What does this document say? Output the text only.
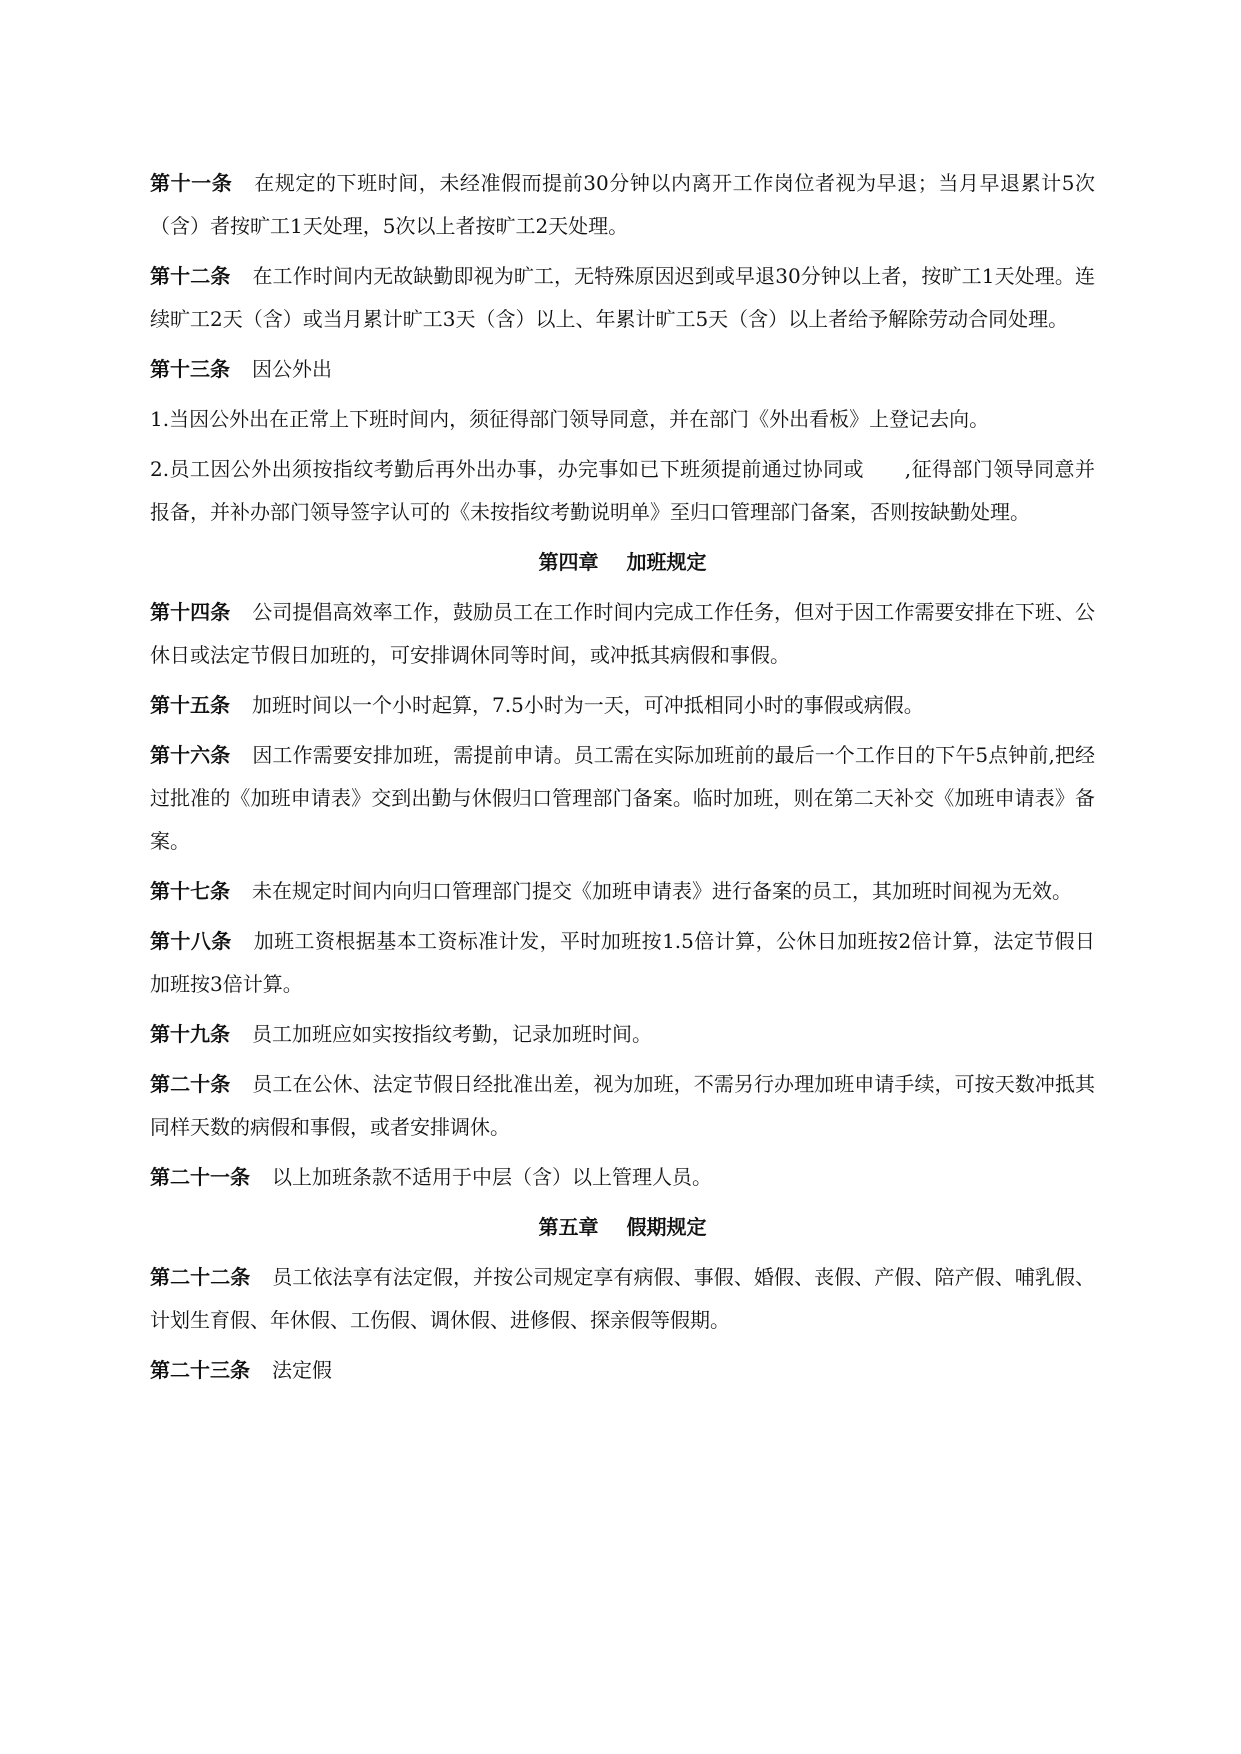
第十一条 在规定的下班时间，未经准假而提前30分钟以内离开工作岗位者视为早退；当月早退累计5次（含）者按旷工1天处理，5次以上者按旷工2天处理。

第十二条 在工作时间内无故缺勤即视为旷工，无特殊原因迟到或早退30分钟以上者，按旷工1天处理。连续旷工2天（含）或当月累计旷工3天（含）以上、年累计旷工5天（含）以上者给予解除劳动合同处理。

第十三条 因公外出

1.当因公外出在正常上下班时间内，须征得部门领导同意，并在部门《外出看板》上登记去向。

2.员工因公外出须按指纹考勤后再外出办事，办完事如已下班须提前通过协同或　　,征得部门领导同意并报备，并补办部门领导签字认可的《未按指纹考勤说明单》至归口管理部门备案，否则按缺勤处理。

第四章 加班规定

第十四条 公司提倡高效率工作，鼓励员工在工作时间内完成工作任务，但对于因工作需要安排在下班、公休日或法定节假日加班的，可安排调休同等时间，或冲抵其病假和事假。

第十五条 加班时间以一个小时起算，7.5小时为一天，可冲抵相同小时的事假或病假。

第十六条 因工作需要安排加班，需提前申请。员工需在实际加班前的最后一个工作日的下午5点钟前,把经过批准的《加班申请表》交到出勤与休假归口管理部门备案。临时加班，则在第二天补交《加班申请表》备案。

第十七条 未在规定时间内向归口管理部门提交《加班申请表》进行备案的员工，其加班时间视为无效。

第十八条 加班工资根据基本工资标准计发，平时加班按1.5倍计算，公休日加班按2倍计算，法定节假日加班按3倍计算。

第十九条 员工加班应如实按指纹考勤，记录加班时间。

第二十条 员工在公休、法定节假日经批准出差，视为加班，不需另行办理加班申请手续，可按天数冲抵其同样天数的病假和事假，或者安排调休。

第二十一条 以上加班条款不适用于中层（含）以上管理人员。

第五章 假期规定

第二十二条 员工依法享有法定假，并按公司规定享有病假、事假、婚假、丧假、产假、陪产假、哺乳假、计划生育假、年休假、工伤假、调休假、进修假、探亲假等假期。

第二十三条 法定假
